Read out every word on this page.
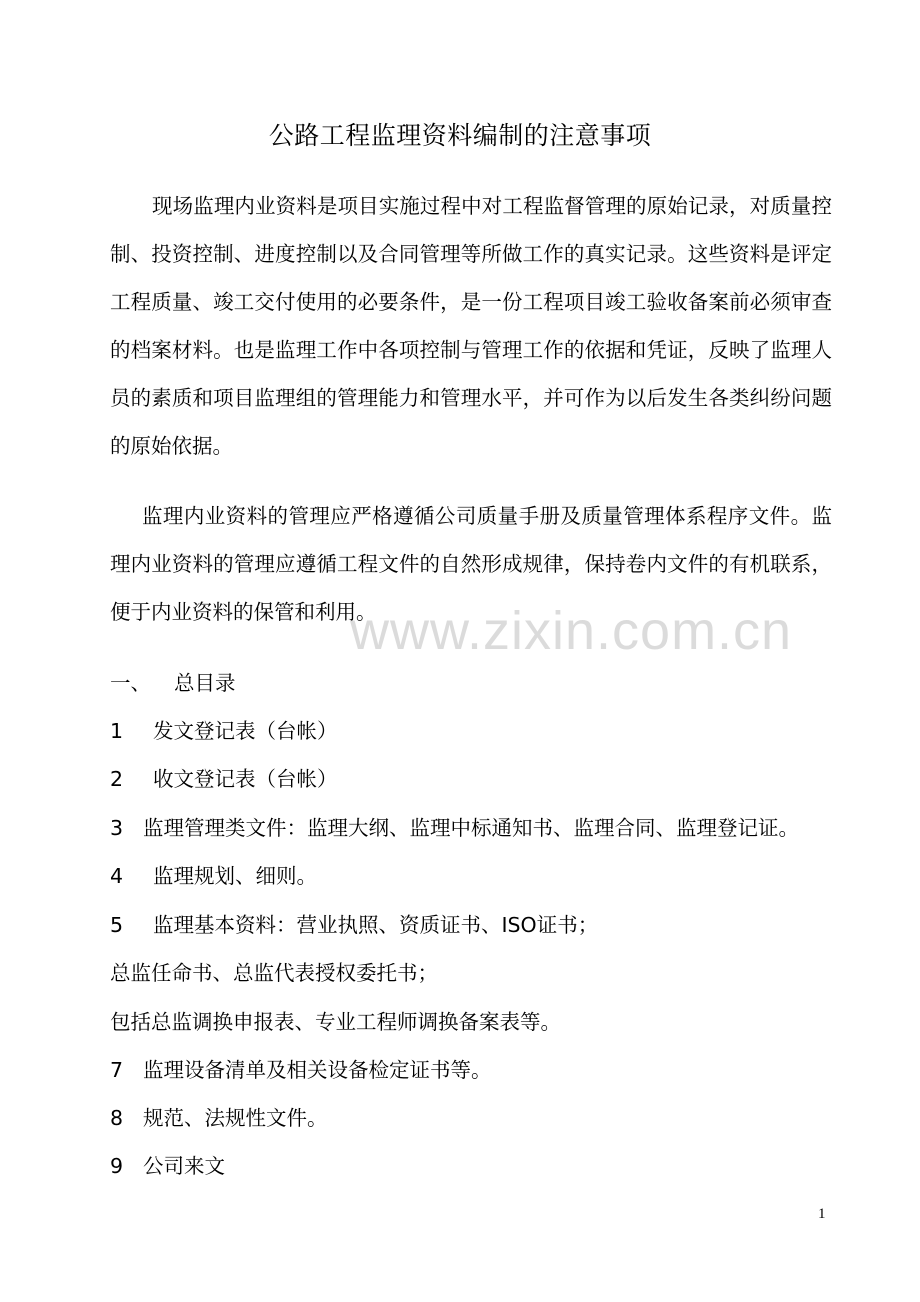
公路工程监理资料编制的注意事项

现场监理内业资料是项目实施过程中对工程监督管理的原始记录，对质量控制、投资控制、进度控制以及合同管理等所做工作的真实记录。这些资料是评定工程质量、竣工交付使用的必要条件，是一份工程项目竣工验收备案前必须审查的档案材料。也是监理工作中各项控制与管理工作的依据和凭证，反映了监理人员的素质和项目监理组的管理能力和管理水平，并可作为以后发生各类纠纷问题的原始依据。

监理内业资料的管理应严格遵循公司质量手册及质量管理体系程序文件。监理内业资料的管理应遵循工程文件的自然形成规律，保持卷内文件的有机联系，便于内业资料的保管和利用。

一、 总目录
1 发文登记表（台帐）
2 收文登记表（台帐）
3 监理管理类文件：监理大纲、监理中标通知书、监理合同、监理登记证。
4 监理规划、细则。
5 监理基本资料：营业执照、资质证书、ISO证书；
总监任命书、总监代表授权委托书；
包括总监调换申报表、专业工程师调换备案表等。
7 监理设备清单及相关设备检定证书等。
8 规范、法规性文件。
9 公司来文
www.zixin.com.cn
1
